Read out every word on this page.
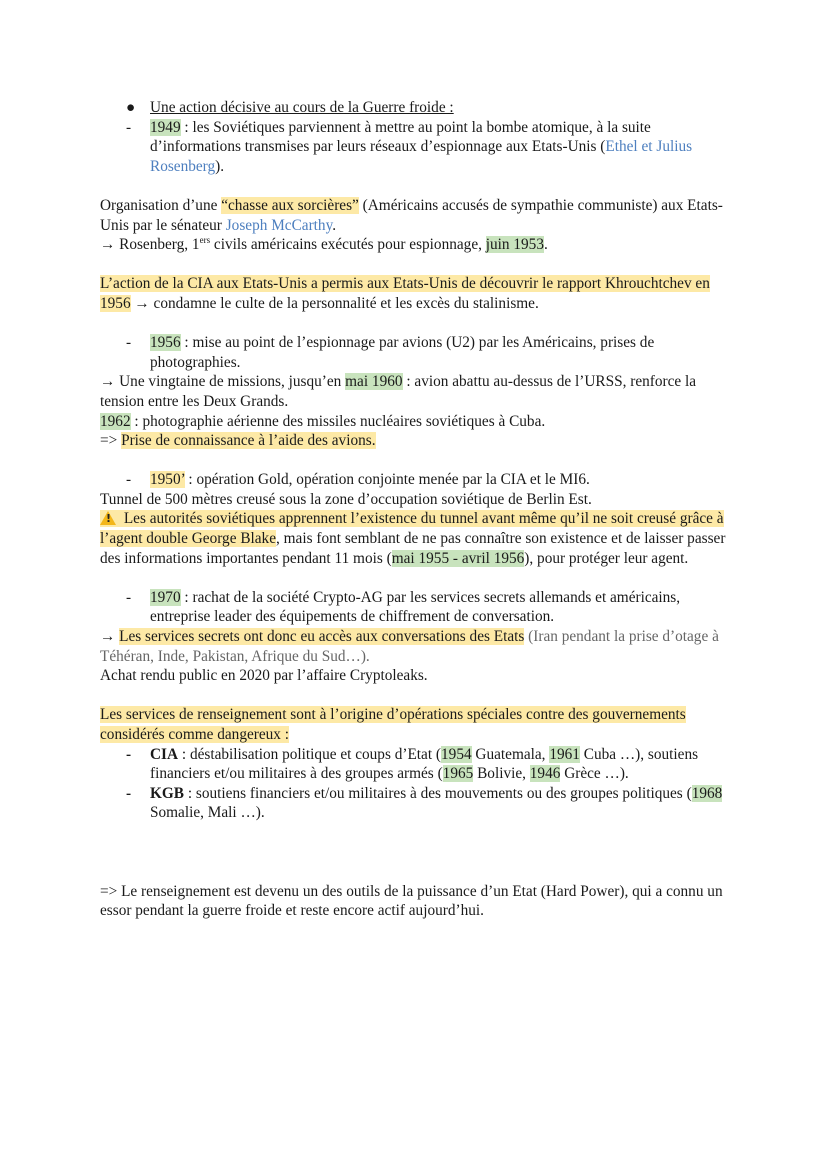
● Une action décisive au cours de la Guerre froide :
-	1949 : les Soviétiques parviennent à mettre au point la bombe atomique, à la suite d’informations transmises par leurs réseaux d’espionnage aux Etats-Unis (Ethel et Julius Rosenberg).

Organisation d’une “chasse aux sorcières” (Américains accusés de sympathie communiste) aux Etats-Unis par le sénateur Joseph McCarthy.

→ Rosenberg, 1ers civils américains exécutés pour espionnage, juin 1953.

L’action de la CIA aux Etats-Unis a permis aux Etats-Unis de découvrir le rapport Khrouchtchev en 1956 → condamne le culte de la personnalité et les excès du stalinisme.

-	1956 : mise au point de l’espionnage par avions (U2) par les Américains, prises de photographies.

→ Une vingtaine de missions, jusqu’en mai 1960 : avion abattu au-dessus de l’URSS, renforce la tension entre les Deux Grands.

1962 : photographie aérienne des missiles nucléaires soviétiques à Cuba.

=> Prise de connaissance à l’aide des avions.

-	1950’ : opération Gold, opération conjointe menée par la CIA et le MI6.

Tunnel de 500 mètres creusé sous la zone d’occupation soviétique de Berlin Est.

! Les autorités soviétiques apprennent l’existence du tunnel avant même qu’il ne soit creusé grâce à l’agent double George Blake, mais font semblant de ne pas connaître son existence et de laisser passer des informations importantes pendant 11 mois (mai 1955 - avril 1956), pour protéger leur agent.

-	1970 : rachat de la société Crypto-AG par les services secrets allemands et américains, entreprise leader des équipements de chiffrement de conversation.

→ Les services secrets ont donc eu accès aux conversations des Etats (Iran pendant la prise d’otage à Téhéran, Inde, Pakistan, Afrique du Sud…).

Achat rendu public en 2020 par l’affaire Cryptoleaks.

Les services de renseignement sont à l’origine d’opérations spéciales contre des gouvernements considérés comme dangereux :

-	CIA : déstabilisation politique et coups d’Etat (1954 Guatemala, 1961 Cuba …), soutiens financiers et/ou militaires à des groupes armés (1965 Bolivie, 1946 Grèce …).
-	KGB : soutiens financiers et/ou militaires à des mouvements ou des groupes politiques (1968 Somalie, Mali …).

=> Le renseignement est devenu un des outils de la puissance d’un Etat (Hard Power), qui a connu un essor pendant la guerre froide et reste encore actif aujourd’hui.
